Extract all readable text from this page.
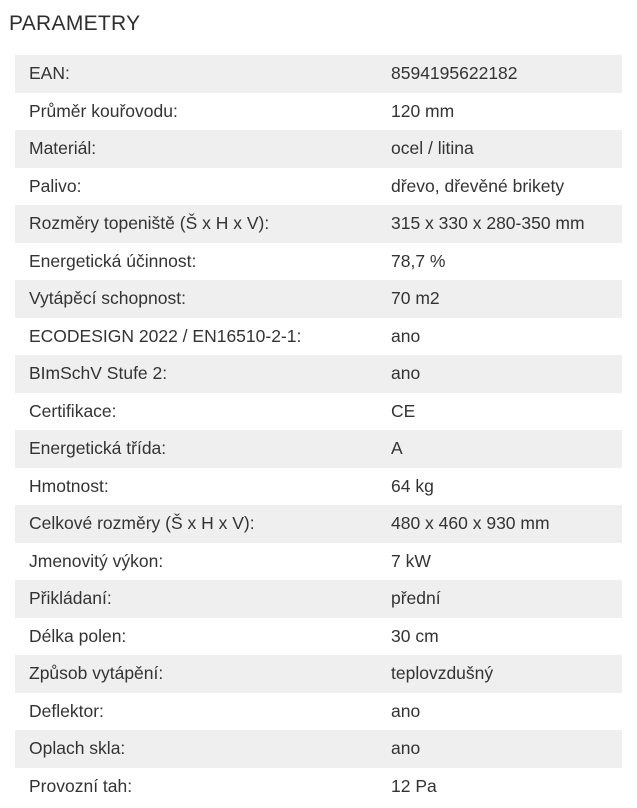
PARAMETRY
EAN:	8594195622182
Průměr kouřovodu:	120 mm
Materiál:	ocel / litina
Palivo:	dřevo, dřevěné brikety
Rozměry topeniště (Š x H x V):	315 x 330 x 280-350 mm
Energetická účinnost:	78,7 %
Vytápěcí schopnost:	70 m2
ECODESIGN 2022 / EN16510-2-1:	ano
BImSchV Stufe 2:	ano
Certifikace:	CE
Energetická třída:	A
Hmotnost:	64 kg
Celkové rozměry (Š x H x V):	480 x 460 x 930 mm
Jmenovitý výkon:	7 kW
Přikládaní:	přední
Délka polen:	30 cm
Způsob vytápění:	teplovzdušný
Deflektor:	ano
Oplach skla:	ano
Provozní tah:	12 Pa
